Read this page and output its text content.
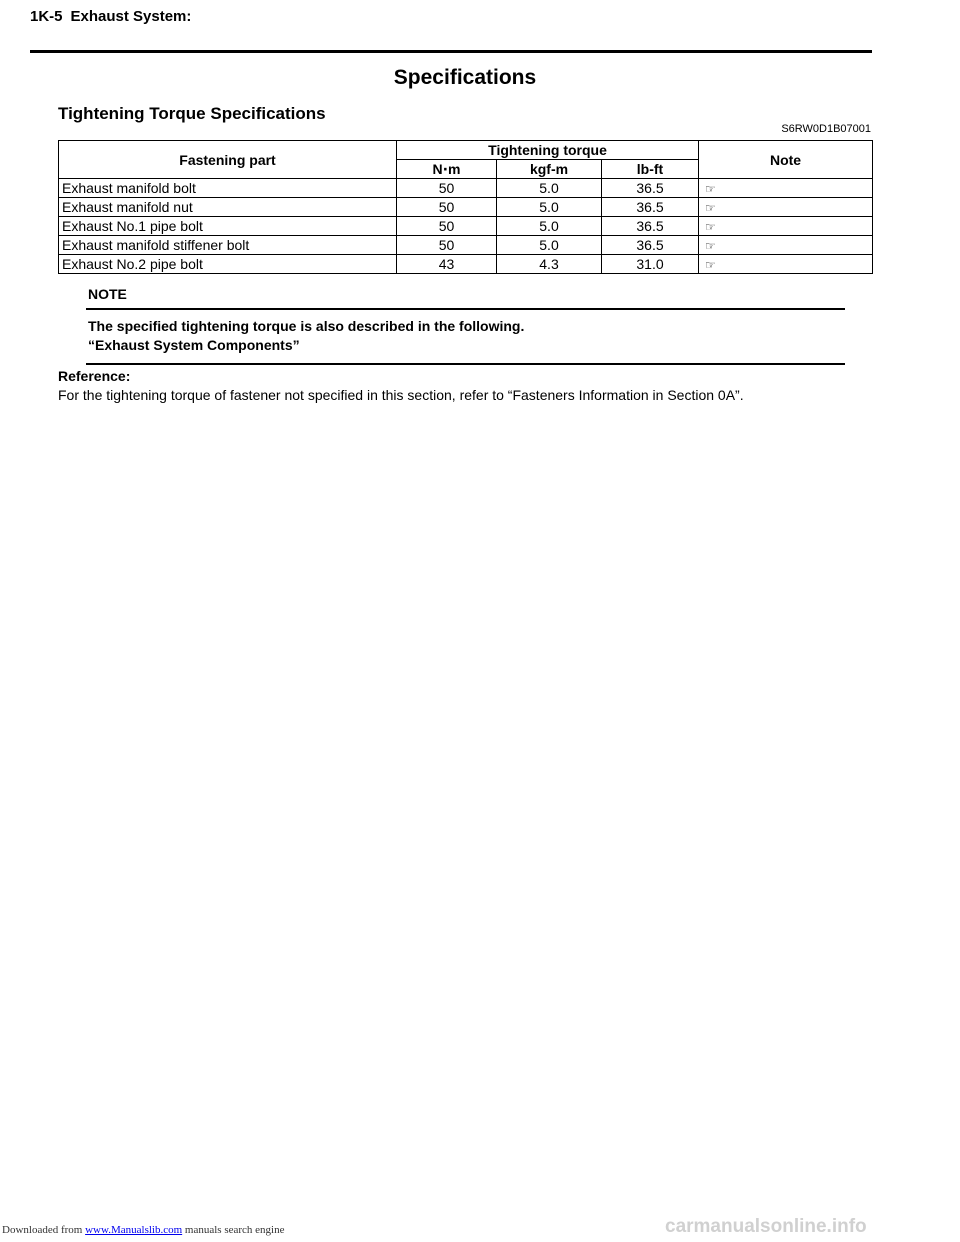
1K-5 Exhaust System:
Specifications
Tightening Torque Specifications
S6RW0D1B07001
Fastening part	Tightening torque			Note
	N⋅m	kgf-m	lb-ft	
Exhaust manifold bolt	50	5.0	36.5	☞
Exhaust manifold nut	50	5.0	36.5	☞
Exhaust No.1 pipe bolt	50	5.0	36.5	☞
Exhaust manifold stiffener bolt	50	5.0	36.5	☞
Exhaust No.2 pipe bolt	43	4.3	31.0	☞
NOTE
The specified tightening torque is also described in the following.
“Exhaust System Components”
Reference:
For the tightening torque of fastener not specified in this section, refer to “Fasteners Information in Section 0A”.
Downloaded from www.Manualslib.com manuals search engine	carmanualsonline.info
